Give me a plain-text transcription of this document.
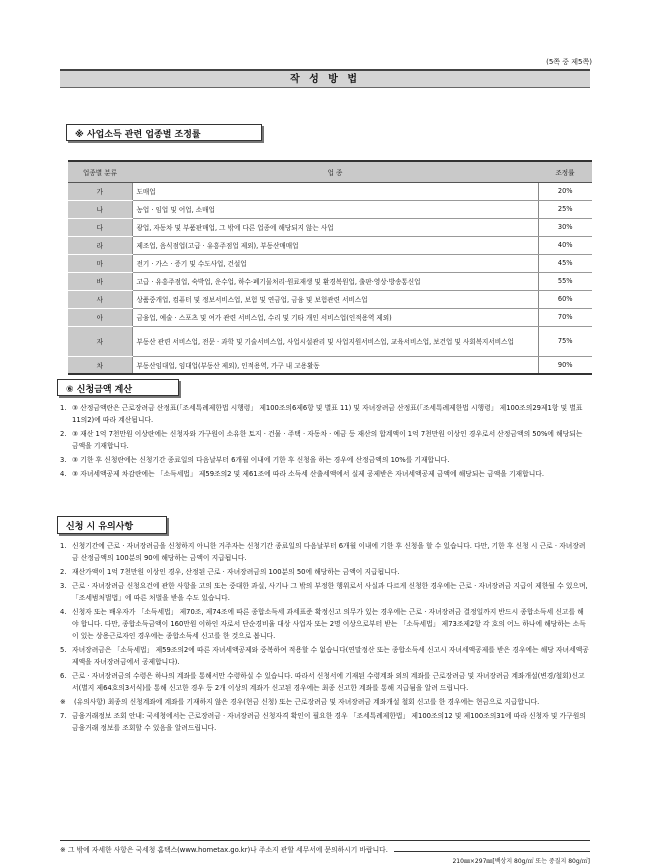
(5쪽 중 제5쪽)
작 성 방 법
※ 사업소득 관련 업종별 조정률
업종별 분류	업 종	조정률
가	도매업	20%
나	농업 · 임업 및 어업, 소매업	25%
다	광업, 자동차 및 부품판매업, 그 밖에 다른 업종에 해당되지 않는 사업	30%
라	제조업, 음식점업(고급 · 유흥주점업 제외), 부동산매매업	40%
마	전기 · 가스 · 증기 및 수도사업, 건설업	45%
바	고급 · 유흥주점업, 숙박업, 운수업, 하수·폐기물처리·원료재생 및 환경복원업, 출판·영상·방송통신업	55%
사	상품중개업, 컴퓨터 및 정보서비스업, 보험 및 연금업, 금융 및 보험관련 서비스업	60%
아	금융업, 예술 · 스포츠 및 여가 관련 서비스업, 수리 및 기타 개인 서비스업(인적용역 제외)	70%
자	부동산 관련 서비스업, 전문 · 과학 및 기술서비스업, 사업시설관리 및 사업지원서비스업, 교육서비스업, 보건업 및 사회복지서비스업	75%
차	부동산임대업, 임대업(부동산 제외), 인적용역, 가구 내 고용활동	90%
⑥ 신청금액 계산
1. ③ 산정금액란은 근로장려금 산정표(「조세특례제한법 시행령」 제100조의6제6항 및 별표 11) 및 자녀장려금 산정표(「조세특례제한법 시행령」 제100조의29제1항 및 별표 11의2)에 따라 계산됩니다.
2. ③ 재산 1억 7천만원 이상란에는 신청자와 가구원이 소유한 토지 · 건물 · 주택 · 자동차 · 예금 등 재산의 합계액이 1억 7천만원 이상인 경우로서 산정금액의 50%에 해당되는 금액을 기재합니다.
3. ③ 기한 후 신청란에는 신청기간 종료일의 다음날부터 6개월 이내에 기한 후 신청을 하는 경우에 산정금액의 10%를 기재합니다.
4. ③ 자녀세액공제 차감란에는 「소득세법」 제59조의2 및 제61조에 따라 소득세 산출세액에서 실제 공제받은 자녀세액공제 금액에 해당되는 금액을 기재합니다.
신청 시 유의사항
1. 신청기간에 근로 · 자녀장려금을 신청하지 아니한 거주자는 신청기간 종료일의 다음날부터 6개월 이내에 기한 후 신청을 할 수 있습니다. 다만, 기한 후 신청 시 근로 · 자녀장려금 산정금액의 100분의 90에 해당하는 금액이 지급됩니다.
2. 재산가액이 1억 7천만원 이상인 경우, 산정된 근로 · 자녀장려금의 100분의 50에 해당하는 금액이 지급됩니다.
3. 근로 · 자녀장려금 신청요건에 관한 사항을 고의 또는 중대한 과실, 사기나 그 밖의 부정한 행위로서 사실과 다르게 신청한 경우에는 근로 · 자녀장려금 지급이 제한될 수 있으며, 「조세범처벌법」에 따른 처벌을 받을 수도 있습니다.
4. 신청자 또는 배우자가 「소득세법」 제70조, 제74조에 따른 종합소득세 과세표준 확정신고 의무가 있는 경우에는 근로 · 자녀장려금 결정일까지 반드시 종합소득세 신고를 해야 합니다. 다만, 종합소득금액이 160만원 이하인 자로서 단순경비율 대상 사업자 또는 2명 이상으로부터 받는 「소득세법」 제73조제2항 각 호의 어느 하나에 해당하는 소득이 있는 상용근로자인 경우에는 종합소득세 신고를 한 것으로 봅니다.
5. 자녀장려금은 「소득세법」 제59조의2에 따른 자녀세액공제와 중복하여 적용할 수 없습니다(연말정산 또는 종합소득세 신고시 자녀세액공제를 받은 경우에는 해당 자녀세액공제액을 자녀장려금에서 공제합니다).
6. 근로 · 자녀장려금의 수령은 하나의 계좌를 통해서만 수령하실 수 있습니다. 따라서 신청서에 기재된 수령계좌 외의 계좌를 근로장려금 및 자녀장려금 계좌개설(변경/철회)신고서(별지 제64호의3서식)를 통해 신고한 경우 등 2개 이상의 계좌가 신고된 경우에는 최종 신고한 계좌를 통해 지급됨을 알려 드립니다.
※	(유의사항) 최종의 신청계좌에 계좌를 기재하지 않은 경우(현금 신청) 또는 근로장려금 및 자녀장려금 계좌개설 철회 신고를 한 경우에는 현금으로 지급합니다.
7. 금융거래정보 조회 안내: 국세청에서는 근로장려금 · 자녀장려금 신청자격 확인이 필요한 경우 「조세특례제한법」 제100조의12 및 제100조의31에 따라 신청자 및 가구원의 금융거래 정보를 조회할 수 있음을 알려드립니다.
※ 그 밖에 자세한 사항은 국세청 홈택스(www.hometax.go.kr)나 주소지 관할 세무서에 문의하시기 바랍니다.
210㎜×297㎜[백상지 80g/㎡ 또는 중질지 80g/㎡]
